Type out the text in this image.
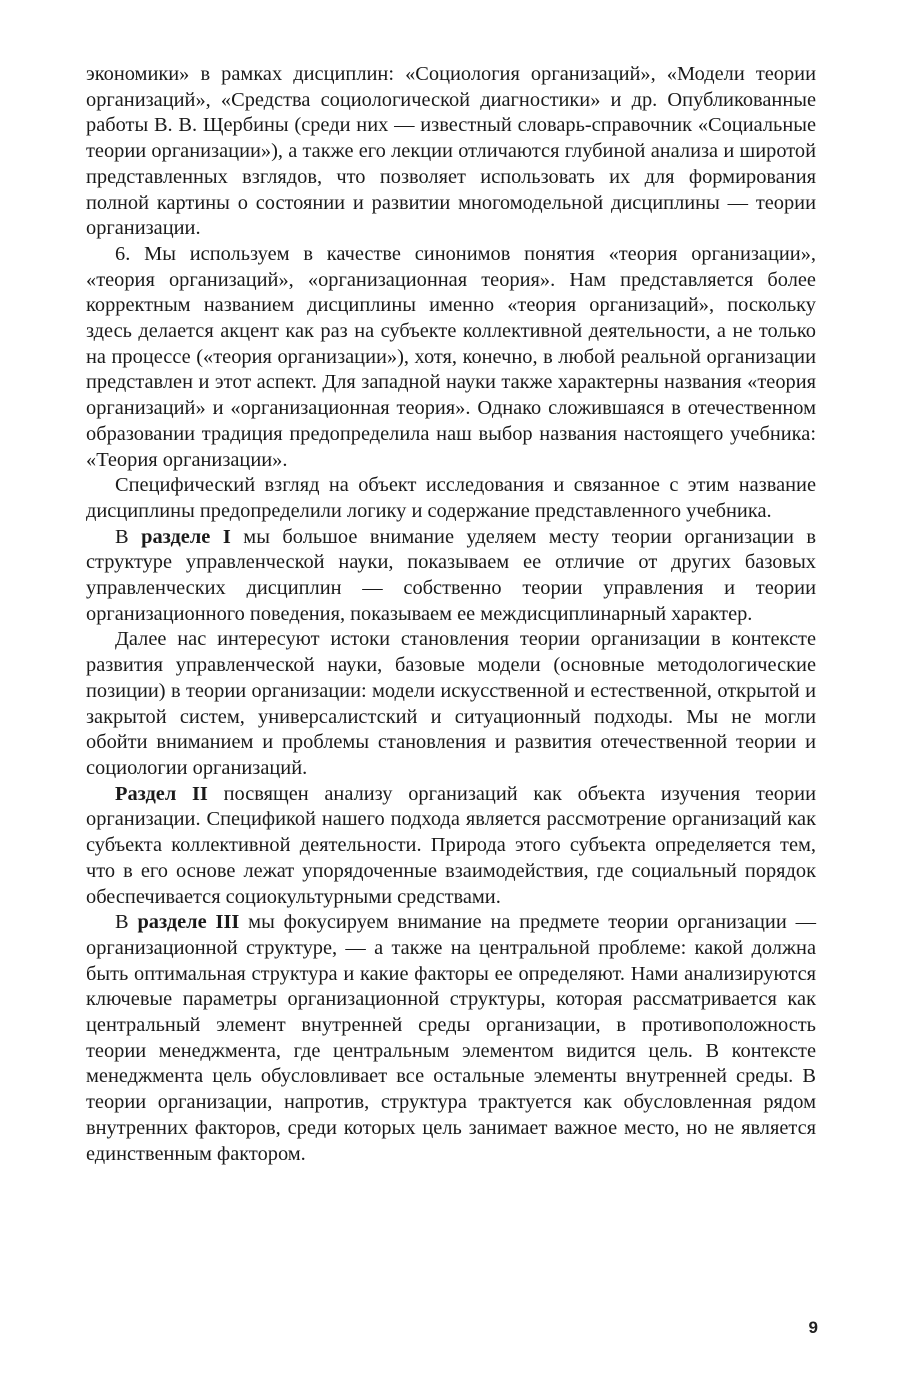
экономики» в рамках дисциплин: «Социология организаций», «Модели теории организаций», «Средства социологической диагностики» и др. Опубликованные работы В. В. Щербины (среди них — известный словарь-справочник «Социальные теории организации»), а также его лекции отличаются глубиной анализа и широтой представленных взглядов, что позволяет использовать их для формирования полной картины о состоянии и развитии многомодельной дисциплины — теории организации.

6. Мы используем в качестве синонимов понятия «теория организации», «теория организаций», «организационная теория». Нам представляется более корректным названием дисциплины именно «теория организаций», поскольку здесь делается акцент как раз на субъекте коллективной деятельности, а не только на процессе («теория организации»), хотя, конечно, в любой реальной организации представлен и этот аспект. Для западной науки также характерны названия «теория организаций» и «организационная теория». Однако сложившаяся в отечественном образовании традиция предопределила наш выбор названия настоящего учебника: «Теория организации».

Специфический взгляд на объект исследования и связанное с этим название дисциплины предопределили логику и содержание представленного учебника.

В разделе I мы большое внимание уделяем месту теории организации в структуре управленческой науки, показываем ее отличие от других базовых управленческих дисциплин — собственно теории управления и теории организационного поведения, показываем ее междисциплинарный характер.

Далее нас интересуют истоки становления теории организации в контексте развития управленческой науки, базовые модели (основные методологические позиции) в теории организации: модели искусственной и естественной, открытой и закрытой систем, универсалистский и ситуационный подходы. Мы не могли обойти вниманием и проблемы становления и развития отечественной теории и социологии организаций.

Раздел II посвящен анализу организаций как объекта изучения теории организации. Спецификой нашего подхода является рассмотрение организаций как субъекта коллективной деятельности. Природа этого субъекта определяется тем, что в его основе лежат упорядоченные взаимодействия, где социальный порядок обеспечивается социокультурными средствами.

В разделе III мы фокусируем внимание на предмете теории организации — организационной структуре, — а также на центральной проблеме: какой должна быть оптимальная структура и какие факторы ее определяют. Нами анализируются ключевые параметры организационной структуры, которая рассматривается как центральный элемент внутренней среды организации, в противоположность теории менеджмента, где центральным элементом видится цель. В контексте менеджмента цель обусловливает все остальные элементы внутренней среды. В теории организации, напротив, структура трактуется как обусловленная рядом внутренних факторов, среди которых цель занимает важное место, но не является единственным фактором.

9
